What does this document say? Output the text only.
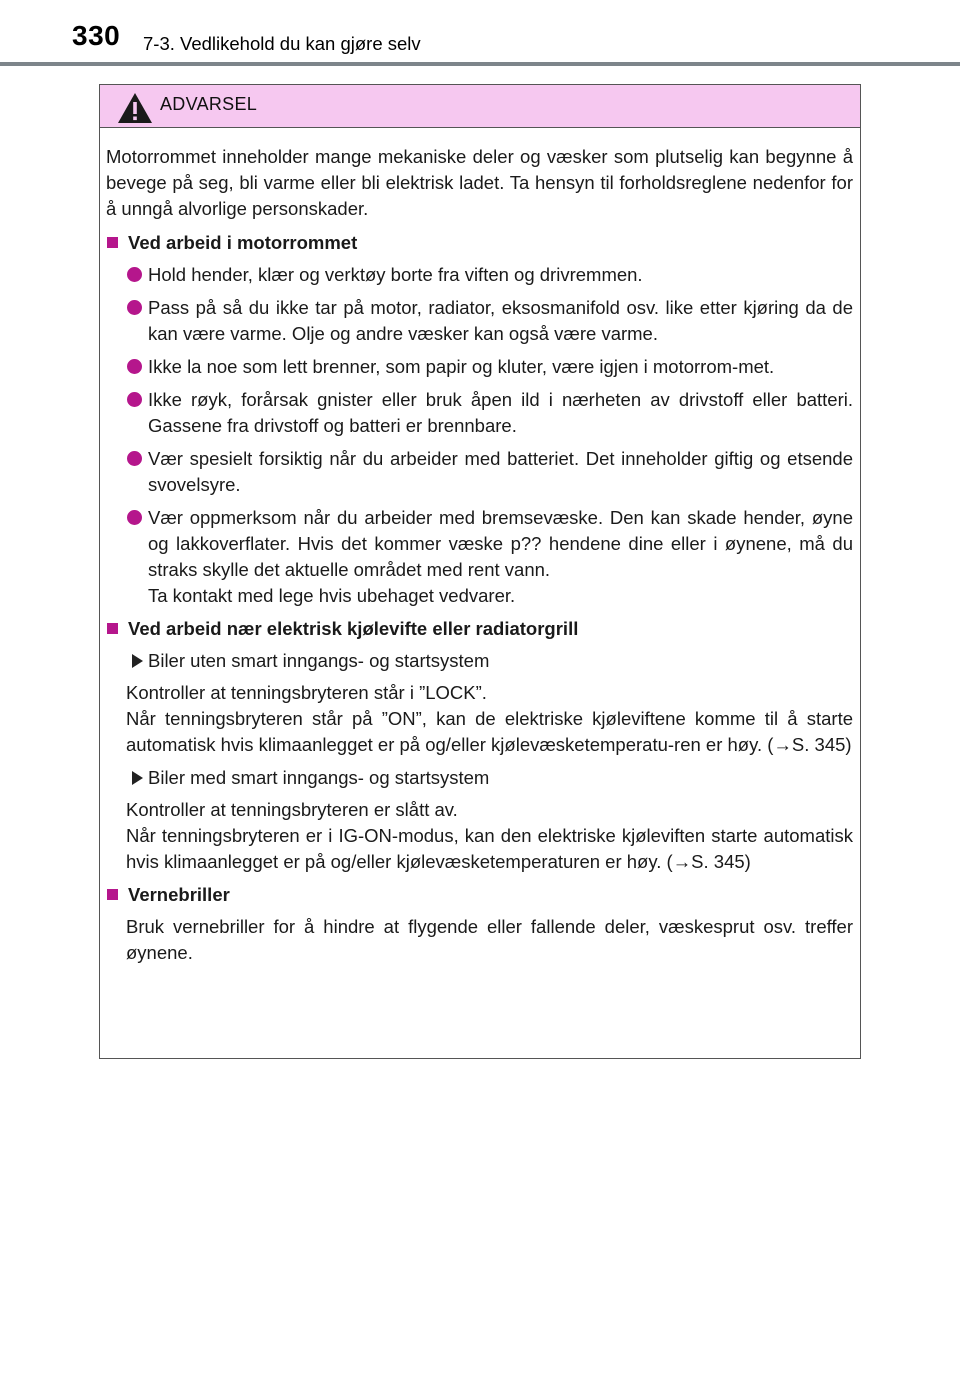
330 7-3. Vedlikehold du kan gjøre selv
ADVARSEL

Motorrommet inneholder mange mekaniske deler og væsker som plutselig kan begynne å bevege på seg, bli varme eller bli elektrisk ladet. Ta hensyn til forholdsreglene nedenfor for å unngå alvorlige personskader.

Ved arbeid i motorrommet
Hold hender, klær og verktøy borte fra viften og drivremmen.
Pass på så du ikke tar på motor, radiator, eksosmanifold osv. like etter kjøring da de kan være varme. Olje og andre væsker kan også være varme.
Ikke la noe som lett brenner, som papir og kluter, være igjen i motorrom-met.
Ikke røyk, forårsak gnister eller bruk åpen ild i nærheten av drivstoff eller batteri. Gassene fra drivstoff og batteri er brennbare.
Vær spesielt forsiktig når du arbeider med batteriet. Det inneholder giftig og etsende svovelsyre.
Vær oppmerksom når du arbeider med bremsevæske. Den kan skade hender, øyne og lakkoverflater. Hvis det kommer væske p?? hendene dine eller i øynene, må du straks skylle det aktuelle området med rent vann.
Ta kontakt med lege hvis ubehaget vedvarer.
Ved arbeid nær elektrisk kjølevifte eller radiatorgrill
Biler uten smart inngangs- og startsystem
Kontroller at tenningsbryteren står i ”LOCK”.
Når tenningsbryteren står på ”ON”, kan de elektriske kjøleviftene komme til å starte automatisk hvis klimaanlegget er på og/eller kjølevæsketemperatu-ren er høy. (→S. 345)
Biler med smart inngangs- og startsystem
Kontroller at tenningsbryteren er slått av.
Når tenningsbryteren er i IG-ON-modus, kan den elektriske kjøleviften starte automatisk hvis klimaanlegget er på og/eller kjølevæsketemperaturen er høy. (→S. 345)
Vernebriller
Bruk vernebriller for å hindre at flygende eller fallende deler, væskesprut osv. treffer øynene.
